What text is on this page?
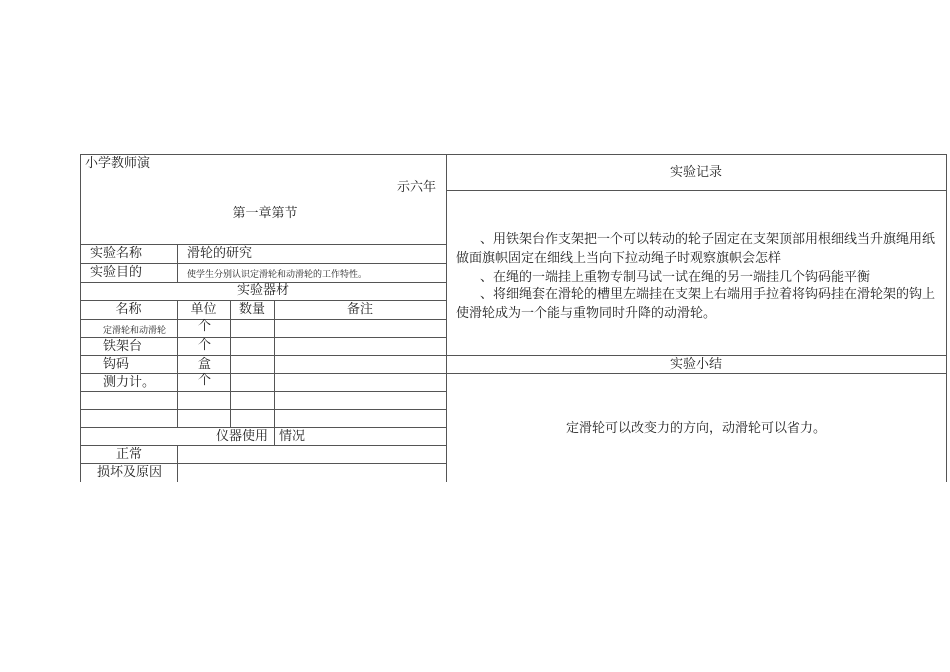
小学教师演
示六年
第一章第节
实验名称	滑轮的研究
实验目的	使学生分别认识定滑轮和动滑轮的工作特性。
实验器材
名称	单位	数量	备注
定滑轮和动滑轮 个
铁架台	个
钩码	盒
测力计。	个
仪器使用 情况
正常
损坏及原因
实验记录
、用铁架台作支架把一个可以转动的轮子固定在支架顶部用根细线当升旗绳用纸做面旗帜固定在细线上当向下拉动绳子时观察旗帜会怎样
、在绳的一端挂上重物专制马试一试在绳的另一端挂几个钩码能平衡
、将细绳套在滑轮的槽里左端挂在支架上右端用手拉着将钩码挂在滑轮架的钩上使滑轮成为一个能与重物同时升降的动滑轮。
实验小结
定滑轮可以改变力的方向，动滑轮可以省力。
